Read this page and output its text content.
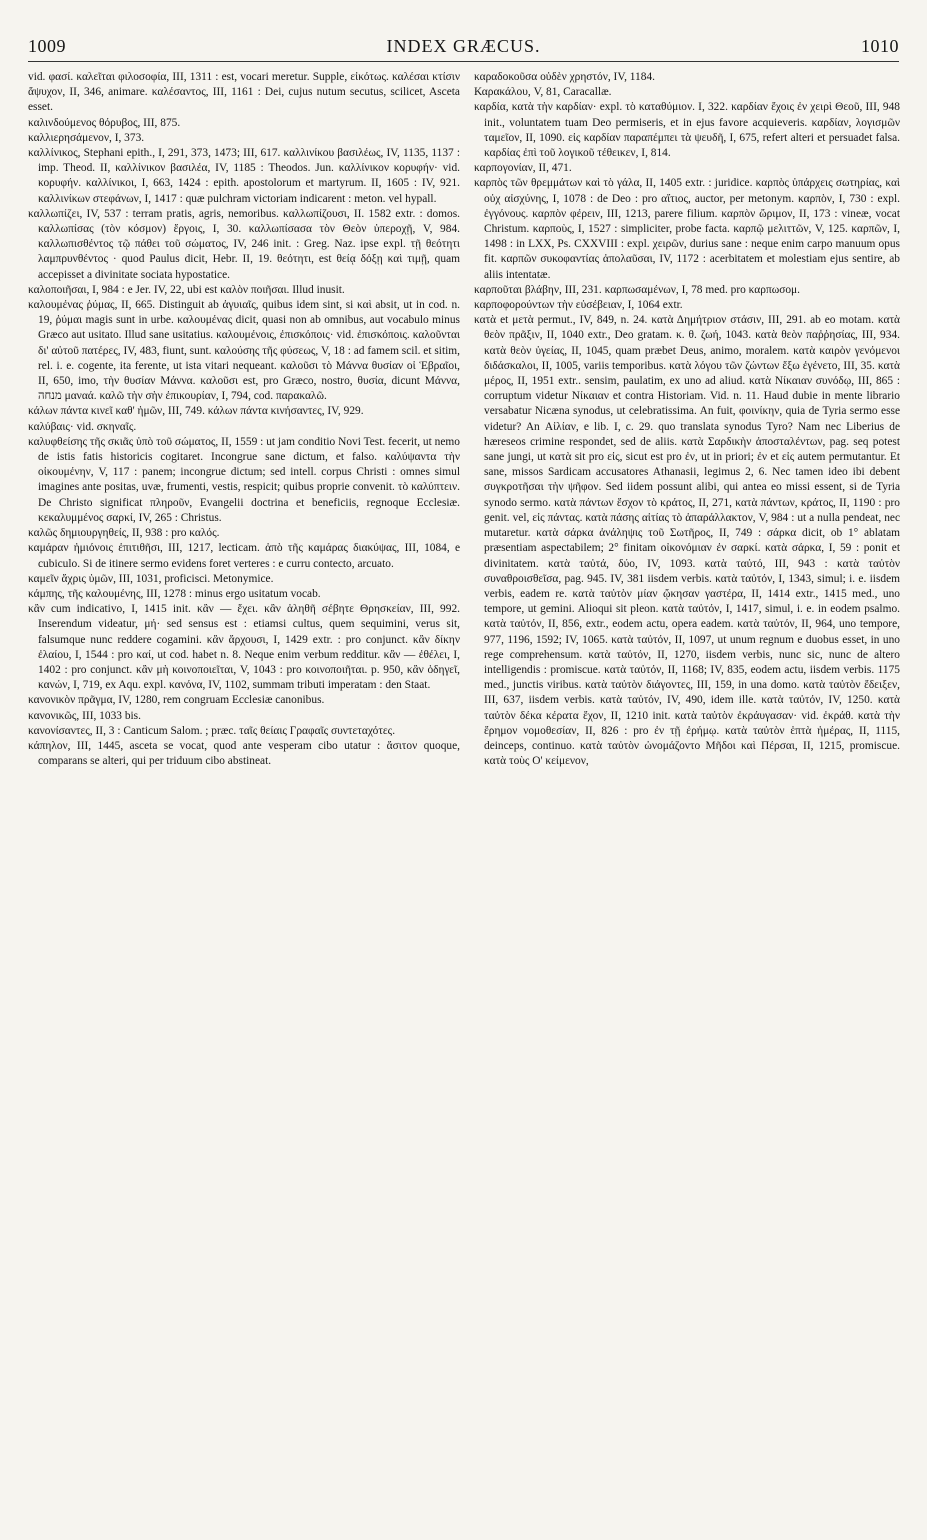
1009	INDEX GRÆCUS.	1010

vid. φασί. καλεῖται φιλοσοφία, III, 1311 : est, vocari meretur. Supple, εἰκότως. καλέσαι κτίσιν ἄψυχον, II, 346, animare. καλέσαντος, III, 1161 : Dei, cujus nutum secutus, scilicet, Asceta esset.

καλινδούμενος θόρυβος, III, 875.

καλλιερησάμενον, I, 373.

καλλίνικος, Stephani epith., I, 291, 373, 1473; III, 617. καλλινίκου βασιλέως, IV, 1135, 1137 : imp. Theod. II, καλλίνικον βασιλέα, IV, 1185 : Theodos. Jun. καλλίνικον κορυφήν· vid. κορυφήν. καλλίνικοι, I, 663, 1424 : epith. apostolorum et martyrum. II, 1605 : IV, 921. καλλινίκων στεφάνων, I, 1417 : quæ pulchram victoriam indicarent : meton. vel hypall.

καλλωπίζει, IV, 537 : terram pratis, agris, nemoribus. καλλωπίζουσι, II. 1582 extr. : domos. καλλωπίσας (τὸν κόσμον) ἔργοις, I, 30. καλλωπίσασα τὸν Θεὸν ὑπεροχῇ, V, 984. καλλωπισθέντος τῷ πάθει τοῦ σώματος, IV, 246 init. : Greg. Naz. ipse expl. τῇ θεότητι λαμπρυνθέντος · quod Paulus dicit, Hebr. II, 19. θεότητι, est θείᾳ δόξῃ καὶ τιμῇ, quam accepisset a divinitate sociata hypostatice.

καλοποιῆσαι, I, 984 : e Jer. IV, 22, ubi est καλὸν ποιῆσαι. Illud inusit.

καλουμένας ῥύμας, II, 665. Distinguit ab ἀγυιαῖς, quibus idem sint, si καὶ absit, ut in cod. n. 19, ῥύμαι magis sunt in urbe. καλουμένας dicit, quasi non ab omnibus, aut vocabulo minus Græco aut usitato. Illud sane usitatius. καλουμένοις, ἐπισκόποις· vid. ἐπισκόποις. καλοῦνται δι' αὐτοῦ πατέρες, IV, 483, fiunt, sunt. καλούσης τῆς φύσεως, V, 18 : ad famem scil. et sitim, rel. i. e. cogente, ita ferente, ut ista vitari nequeant. καλοῦσι τὸ Μάννα θυσίαν οἱ Ἑβραῖοι, II, 650, imo, τὴν θυσίαν Μάννα. καλοῦσι est, pro Græco, nostro, θυσία, dicunt Μάννα, מנחה μαναά. καλῶ τὴν σὴν ἐπικουρίαν, I, 794, cod. παρακαλῶ.

κάλων πάντα κινεῖ καθ' ἡμῶν, III, 749. κάλων πάντα κινήσαντες, IV, 929.

καλύβαις· vid. σκηναῖς.

καλυφθείσης τῆς σκιᾶς ὑπὸ τοῦ σώματος, II, 1559 : ut jam conditio Novi Test. fecerit, ut nemo de istis fatis historicis cogitaret. Incongrue sane dictum, et falso. καλύψαντα τὴν οἰκουμένην, V, 117 : panem; incongrue dictum; sed intell. corpus Christi : omnes simul imagines ante positas, uvæ, frumenti, vestis, respicit; quibus proprie convenit. τὸ καλύπτειν. De Christo significat πληροῦν, Evangelii doctrina et beneficiis, regnoque Ecclesiæ. κεκαλυμμένος σαρκί, IV, 265 : Christus.

καλῶς δημιουργηθείς, II, 938 : pro καλός.

καμάραν ἡμιόνοις ἐπιτιθῆσι, III, 1217, lecticam. ἀπὸ τῆς καμάρας διακύψας, III, 1084, e cubiculo. Si de itinere sermo evidens foret verteres : e curru contecto, arcuato.

καμεῖν ἄχρις ὑμῶν, III, 1031, proficisci. Metonymice.

κάμπης, τῆς καλουμένης, III, 1278 : minus ergo usitatum vocab.

κἂν cum indicativo, I, 1415 init. κἂν — ἔχει. κἂν ἀληθῆ σέβητε Θρησκείαν, III, 992. Inserendum videatur, μή· sed sensus est : etiamsi cultus, quem sequimini, verus sit, falsumque nunc reddere cogamini. κἂν ἄρχουσι, I, 1429 extr. : pro conjunct. κἂν δίκην ἐλαίου, I, 1544 : pro καί, ut cod. habet n. 8. Neque enim verbum redditur. κἂν — ἐθέλει, I, 1402 : pro conjunct. κἂν μὴ κοινοποιεῖται, V, 1043 : pro κοινοποιῆται. p. 950, κἂν ὁδηγεῖ, κανών, I, 719, ex Aqu. expl. κανόνα, IV, 1102, summam tributi imperatam : den Staat.

κανονικὸν πρᾶγμα, IV, 1280, rem congruam Ecclesiæ canonibus.

κανονικῶς, III, 1033 bis.

κανονίσαντες, II, 3 : Canticum Salom. ; præc. ταῖς θείαις Γραφαῖς συντεταχότες.

κάπηλον, III, 1445, asceta se vocat, quod ante vesperam cibo utatur : ἄσιτον quoque, comparans se alteri, qui per triduum cibo abstineat.

καραδοκοῦσα οὐδὲν χρηστόν, IV, 1184.

Καρακάλου, V, 81, Caracallæ.

καρδία, κατὰ τὴν καρδίαν· expl. τὸ καταθύμιον. I, 322. καρδίαν ἔχοις ἐν χειρὶ Θεοῦ, III, 948 init., voluntatem tuam Deo permiseris, et in ejus favore acquieveris. καρδίαν, λογισμῶν ταμεῖον, II, 1090. εἰς καρδίαν παραπέμπει τὰ ψευδῆ, I, 675, refert alteri et persuadet falsa. καρδίας ἐπὶ τοῦ λογικοῦ τέθεικεν, I, 814.

καρπογονίαν, II, 471.

καρπὸς τῶν θρεμμάτων καὶ τὸ γάλα, II, 1405 extr. : juridice. καρπὸς ὑπάρχεις σωτηρίας, καὶ οὐχ αἰσχύνης, I, 1078 : de Deo : pro αἴτιος, auctor, per metonym. καρπὸν, I, 730 : expl. ἐγγόνους. καρπὸν φέρειν, III, 1213, parere filium. καρπὸν ὥριμον, II, 173 : vineæ, vocat Christum. καρποὺς, I, 1527 : simpliciter, probe facta. καρπῷ μελιττῶν, V, 125. καρπῶν, I, 1498 : in LXX, Ps. CXXVIII : expl. χειρῶν, durius sane : neque enim carpo manuum opus fit. καρπῶν συκοφαντίας ἀπολαῦσαι, IV, 1172 : acerbitatem et molestiam ejus sentire, ab aliis intentatæ.

καρποῦται βλάβην, III, 231. καρπωσαμένων, I, 78 med. pro καρπωσομ.

καρποφορούντων τὴν εὐσέβειαν, I, 1064 extr.

κατὰ et μετὰ permut., IV, 849, n. 24. κατὰ Δημήτριον στάσιν, III, 291. ab eo motam. κατὰ θεὸν πρᾶξιν, II, 1040 extr., Deo gratam. κ. θ. ζωή, 1043. κατὰ θεὸν παῤῥησίας, III, 934. κατὰ θεὸν ὑγείας, II, 1045, quam præbet Deus, animo, moralem. κατὰ καιρὸν γενόμενοι διδάσκαλοι, II, 1005, variis temporibus. κατὰ λόγου τῶν ζώντων ἔξω ἐγένετο, III, 35. κατὰ μέρος, II, 1951 extr.. sensim, paulatim, ex uno ad aliud. κατὰ Νίκαιαν συνόδῳ, III, 865 : corruptum videtur Νίκαιαν et contra Historiam. Vid. n. 11. Haud dubie in mente librario versabatur Nicæna synodus, ut celebratissima. An fuit, φοινίκην, quia de Tyria sermo esse videtur? An Αἰλίαν, e lib. I, c. 29. quo translata synodus Tyro? Nam nec Liberius de hæreseos crimine respondet, sed de aliis. κατὰ Σαρδικὴν ἀποσταλέντων, pag. seq potest sane jungi, ut κατὰ sit pro εἰς, sicut est pro ἐν, ut in priori; ἐν et εἰς autem permutantur. Et sane, missos Sardicam accusatores Athanasii, legimus 2, 6. Nec tamen ideo ibi debent συγκροτῆσαι τὴν ψῆφον. Sed iidem possunt alibi, qui antea eo missi essent, si de Tyria synodo sermo. κατὰ πάντων ἔσχον τὸ κράτος, II, 271, κατὰ πάντων, κράτος, II, 1190 : pro genit. vel, εἰς πάντας. κατὰ πάσης αἰτίας τὸ ἀπαράλλακτον, V, 984 : ut a nulla pendeat, nec mutaretur. κατὰ σάρκα ἀνάληψις τοῦ Σωτῆρος, II, 749 : σάρκα dicit, ob 1° ablatam præsentiam aspectabilem; 2° finitam οἰκονόμιαν ἐν σαρκί. κατὰ σάρκα, I, 59 : ponit et divinitatem. κατὰ ταὐτά, δύο, IV, 1093. κατὰ ταὐτό, III, 943 : κατὰ ταὐτὸν συναθροισθεῖσα, pag. 945. IV, 381 iisdem verbis. κατὰ ταὐτόν, I, 1343, simul; i. e. iisdem verbis, eadem re. κατὰ ταὐτὸν μίαν ᾤκησαν γαστέρα, II, 1414 extr., 1415 med., uno tempore, ut gemini. Alioqui sit pleon. κατὰ ταὐτόν, I, 1417, simul, i. e. in eodem psalmo. κατὰ ταὐτόν, II, 856, extr., eodem actu, opera eadem. κατὰ ταὐτόν, II, 964, uno tempore, 977, 1196, 1592; IV, 1065. κατὰ ταὐτόν, II, 1097, ut unum regnum e duobus esset, in uno rege comprehensum. κατὰ ταὐτόν, II, 1270, iisdem verbis, nunc sic, nunc de altero intelligendis : promiscue. κατὰ ταὐτόν, II, 1168; IV, 835, eodem actu, iisdem verbis. 1175 med., junctis viribus. κατὰ ταὐτὸν διάγοντες, III, 159, in una domo. κατὰ ταὐτὸν ἔδειξεν, III, 637, iisdem verbis. κατὰ ταὐτόν, IV, 490, idem ille. κατὰ ταὐτόν, IV, 1250. κατὰ ταὐτὸν δέκα κέρατα ἔχον, II, 1210 init. κατὰ ταὐτὸν ἐκράυγασαν· vid. ἐκράθ. κατὰ τὴν ἔρημον νομοθεσίαν, II, 826 : pro ἐν τῇ ἐρήμῳ. κατὰ ταὐτὸν ἑπτὰ ἡμέρας, II, 1115, deinceps, continuo. κατὰ ταὐτὸν ὠνομάζοντο Μῆδοι καὶ Πέρσαι, II, 1215, promiscue. κατὰ τοὺς Ο' κείμενον,
